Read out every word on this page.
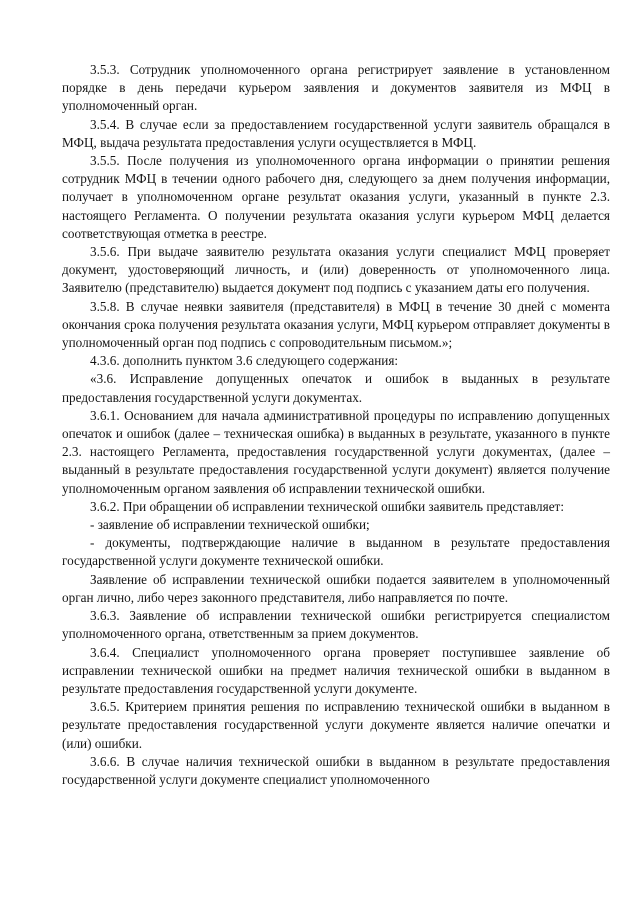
3.5.3. Сотрудник уполномоченного органа регистрирует заявление в установленном порядке в день передачи курьером заявления и документов заявителя из МФЦ в уполномоченный орган.

3.5.4. В случае если за предоставлением государственной услуги заявитель обращался в МФЦ, выдача результата предоставления услуги осуществляется в МФЦ.

3.5.5. После получения из уполномоченного органа информации о принятии решения сотрудник МФЦ в течении одного рабочего дня, следующего за днем получения информации, получает в уполномоченном органе результат оказания услуги, указанный в пункте 2.3. настоящего Регламента. О получении результата оказания услуги курьером МФЦ делается соответствующая отметка в реестре.

3.5.6. При выдаче заявителю результата оказания услуги специалист МФЦ проверяет документ, удостоверяющий личность, и (или) доверенность от уполномоченного лица. Заявителю (представителю) выдается документ под подпись с указанием даты его получения.

3.5.8. В случае неявки заявителя (представителя) в МФЦ в течение 30 дней с момента окончания срока получения результата оказания услуги, МФЦ курьером отправляет документы в уполномоченный орган под подпись с сопроводительным письмом.»;

4.3.6. дополнить пунктом 3.6 следующего содержания:

«3.6. Исправление допущенных опечаток и ошибок в выданных в результате предоставления государственной услуги документах.

3.6.1. Основанием для начала административной процедуры по исправлению допущенных опечаток и ошибок (далее – техническая ошибка) в выданных в результате, указанного в пункте 2.3. настоящего Регламента, предоставления государственной услуги документах, (далее – выданный в результате предоставления государственной услуги документ) является получение уполномоченным органом заявления об исправлении технической ошибки.

3.6.2. При обращении об исправлении технической ошибки заявитель представляет:

- заявление об исправлении технической ошибки;

- документы, подтверждающие наличие в выданном в результате предоставления государственной услуги документе технической ошибки.

Заявление об исправлении технической ошибки подается заявителем в уполномоченный орган лично, либо через законного представителя, либо направляется по почте.

3.6.3. Заявление об исправлении технической ошибки регистрируется специалистом уполномоченного органа, ответственным за прием документов.

3.6.4. Специалист уполномоченного органа проверяет поступившее заявление об исправлении технической ошибки на предмет наличия технической ошибки в выданном в результате предоставления государственной услуги документе.

3.6.5. Критерием принятия решения по исправлению технической ошибки в выданном в результате предоставления государственной услуги документе является наличие опечатки и (или) ошибки.

3.6.6. В случае наличия технической ошибки в выданном в результате предоставления государственной услуги документе специалист уполномоченного
